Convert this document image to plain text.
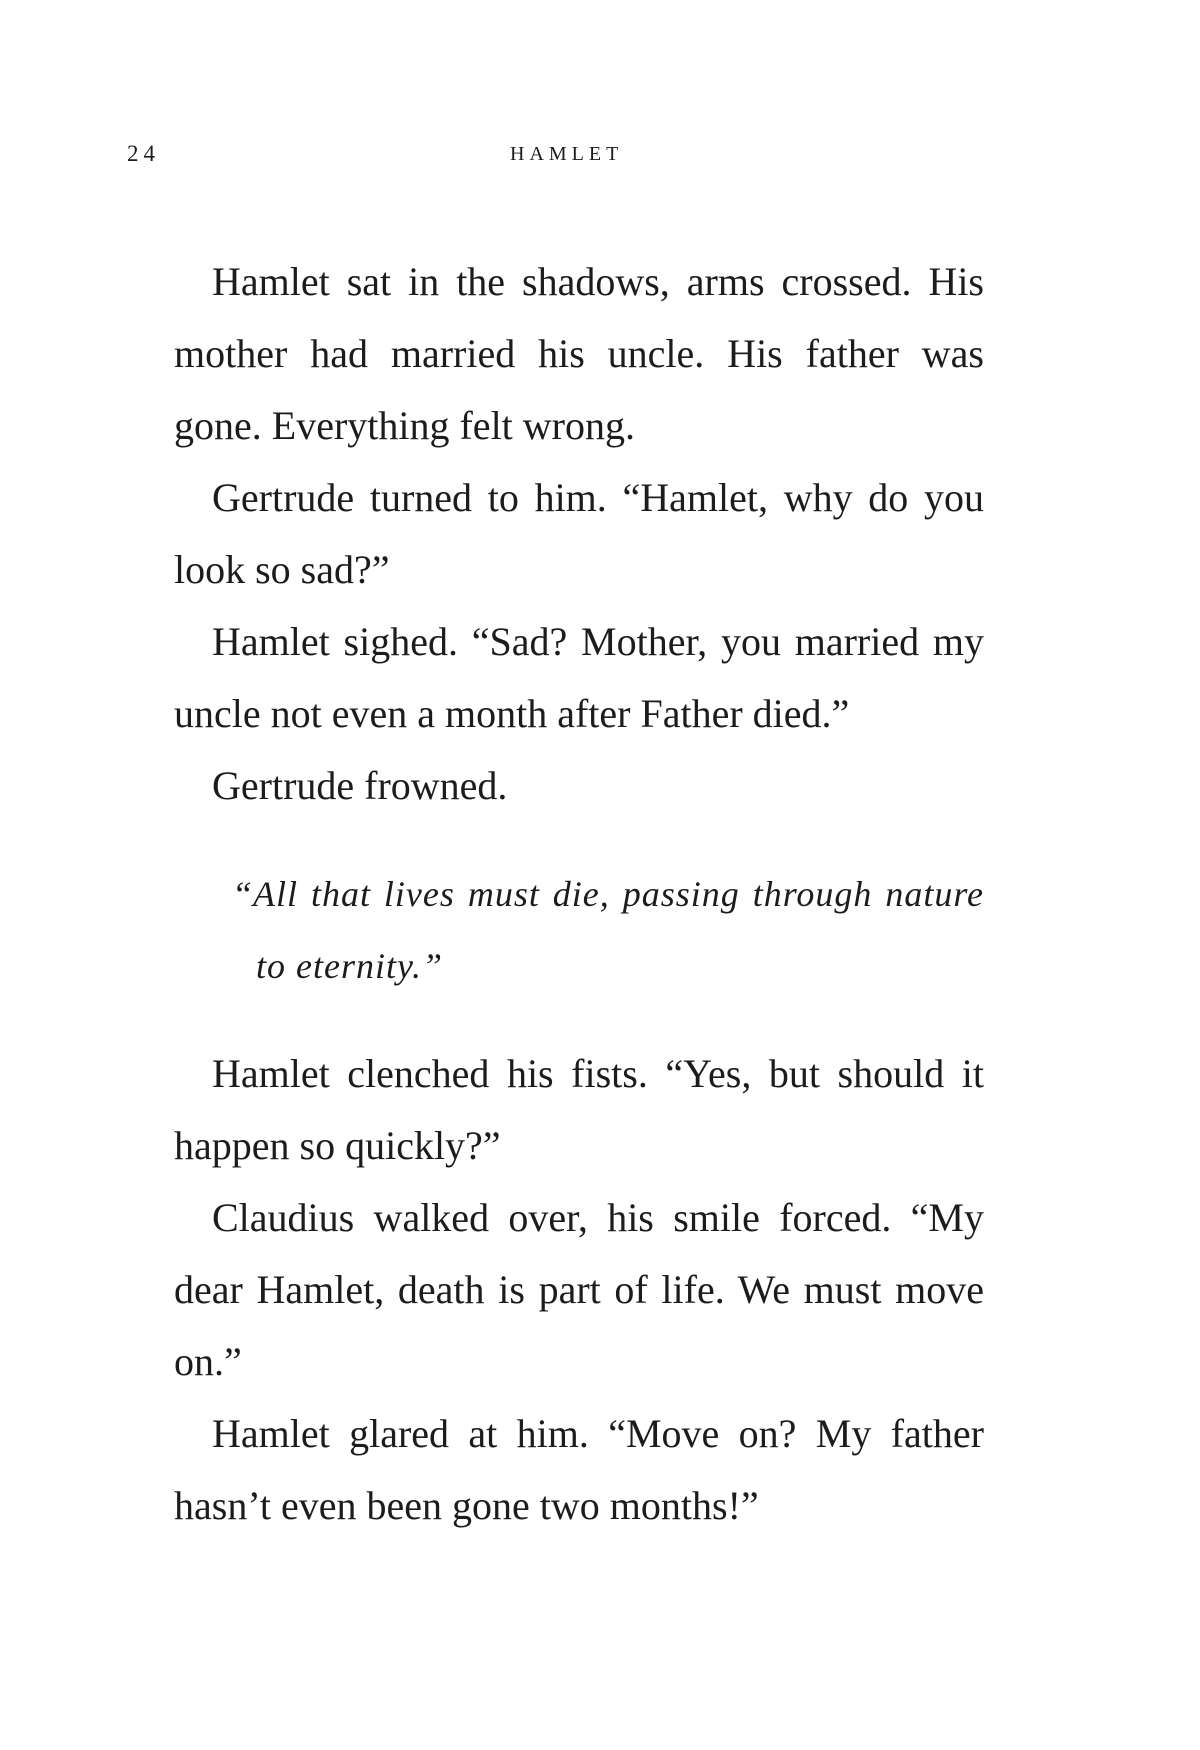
24	HAMLET

Hamlet sat in the shadows, arms crossed. His mother had married his uncle. His father was gone. Everything felt wrong.

Gertrude turned to him. “Hamlet, why do you look so sad?”

Hamlet sighed. “Sad? Mother, you married my uncle not even a month after Father died.”

Gertrude frowned.

“All that lives must die, passing through nature to eternity.”

Hamlet clenched his fists. “Yes, but should it happen so quickly?”

Claudius walked over, his smile forced. “My dear Hamlet, death is part of life. We must move on.”

Hamlet glared at him. “Move on? My father hasn’t even been gone two months!”
